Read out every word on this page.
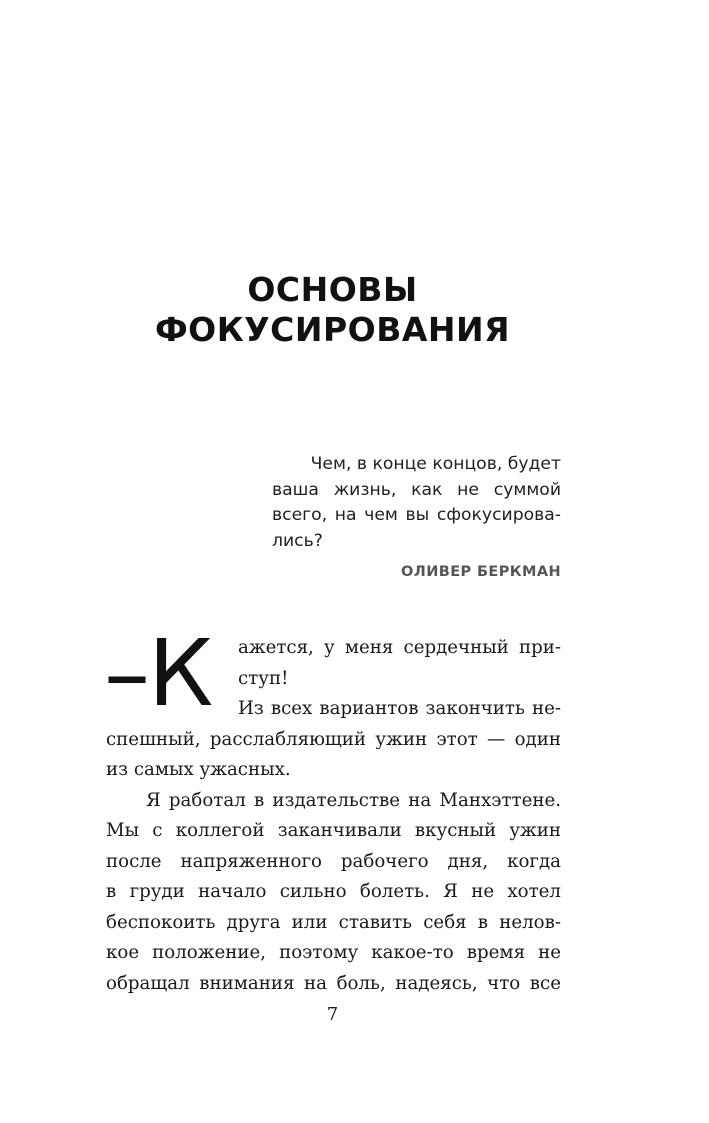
ОСНОВЫ
ФОКУСИРОВАНИЯ
Чем, в конце концов, будет
ваша жизнь, как не суммой
всего, на чем вы сфокусирова-
лись?
ОЛИВЕР БЕРКМАН
–К ажется, у меня сердечный при-
ступ!
Из всех вариантов закончить не-
спешный, расслабляющий ужин этот — один
из самых ужасных.
Я работал в издательстве на Манхэттене.
Мы с коллегой заканчивали вкусный ужин
после напряженного рабочего дня, когда
в груди начало сильно болеть. Я не хотел
беспокоить друга или ставить себя в нелов-
кое положение, поэтому какое-то время не
обращал внимания на боль, надеясь, что все
7
